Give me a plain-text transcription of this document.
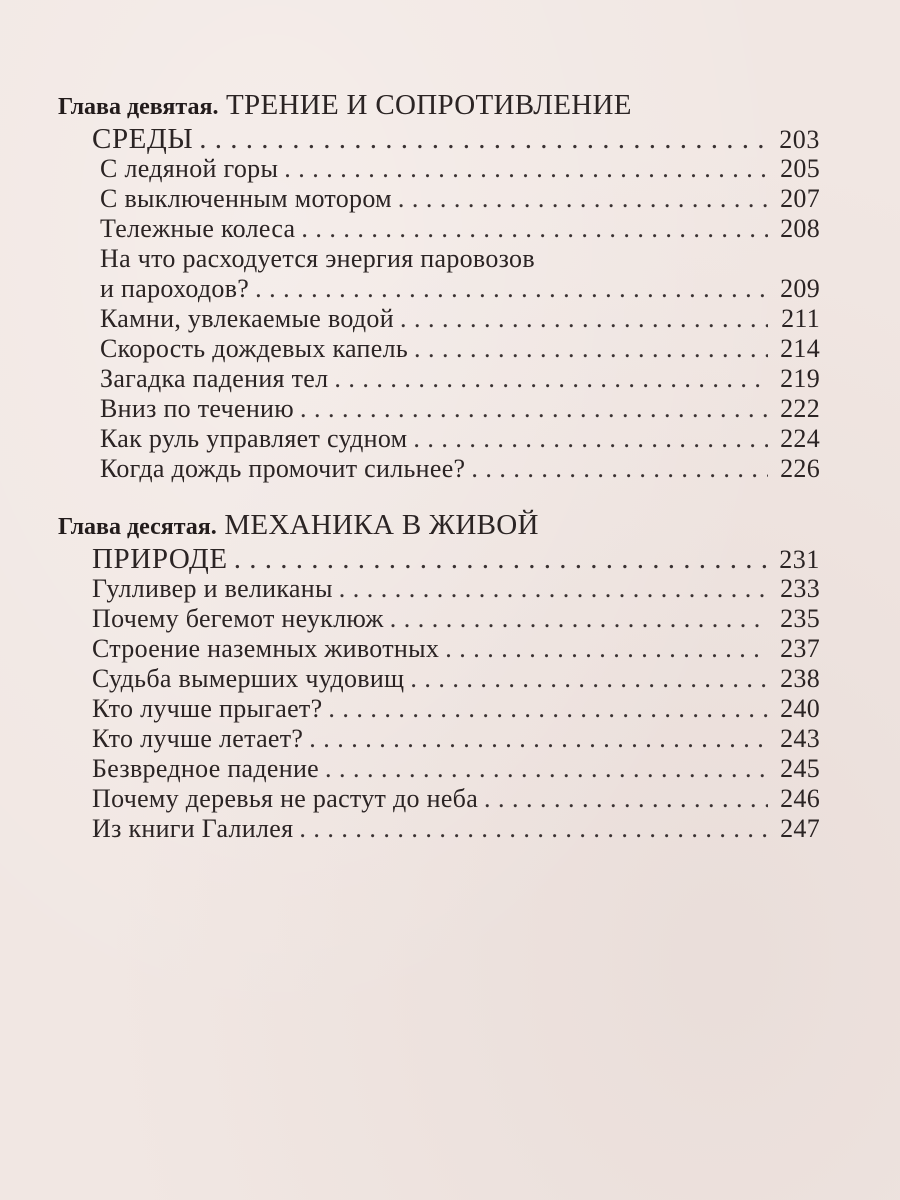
Глава девятая. ТРЕНИЕ И СОПРОТИВЛЕНИЕ
СРЕДЫ . . .	203
С ледяной горы . . .	205
С выключенным мотором . . .	207
Тележные колеса . . .	208
На что расходуется энергия паровозов
и пароходов? . . .	209
Камни, увлекаемые водой . . .	211
Скорость дождевых капель . . .	214
Загадка падения тел . . .	219
Вниз по течению . . .	222
Как руль управляет судном . . .	224
Когда дождь промочит сильнее? . . .	226
Глава десятая. МЕХАНИКА В ЖИВОЙ
ПРИРОДЕ . . .	231
Гулливер и великаны . . .	233
Почему бегемот неуклюж . . .	235
Строение наземных животных . . .	237
Судьба вымерших чудовищ . . .	238
Кто лучше прыгает? . . .	240
Кто лучше летает? . . .	243
Безвредное падение . . .	245
Почему деревья не растут до неба . . .	246
Из книги Галилея . . .	247
